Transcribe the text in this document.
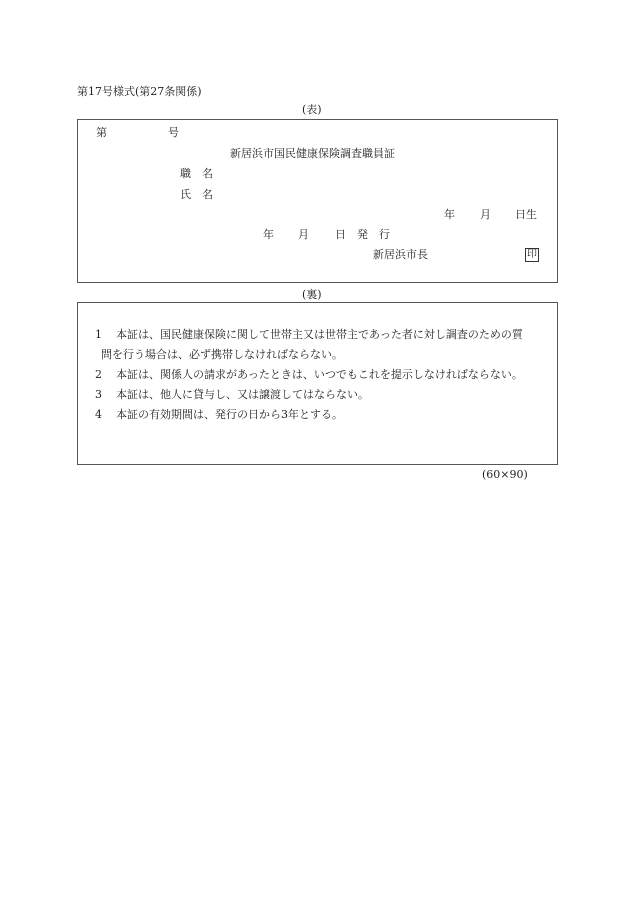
第17号様式(第27条関係)
(表)
第	号
新居浜市国民健康保険調査職員証
職　名
氏　名
年 月 日生
年 月 日 発　行
新居浜市長	印
(裏)
1 本証は、国民健康保険に関して世帯主又は世帯主であった者に対し調査のための質
問を行う場合は、必ず携帯しなければならない。
2 本証は、関係人の請求があったときは、いつでもこれを提示しなければならない。
3 本証は、他人に貸与し、又は譲渡してはならない。
4 本証の有効期間は、発行の日から3年とする。
(60×90)
